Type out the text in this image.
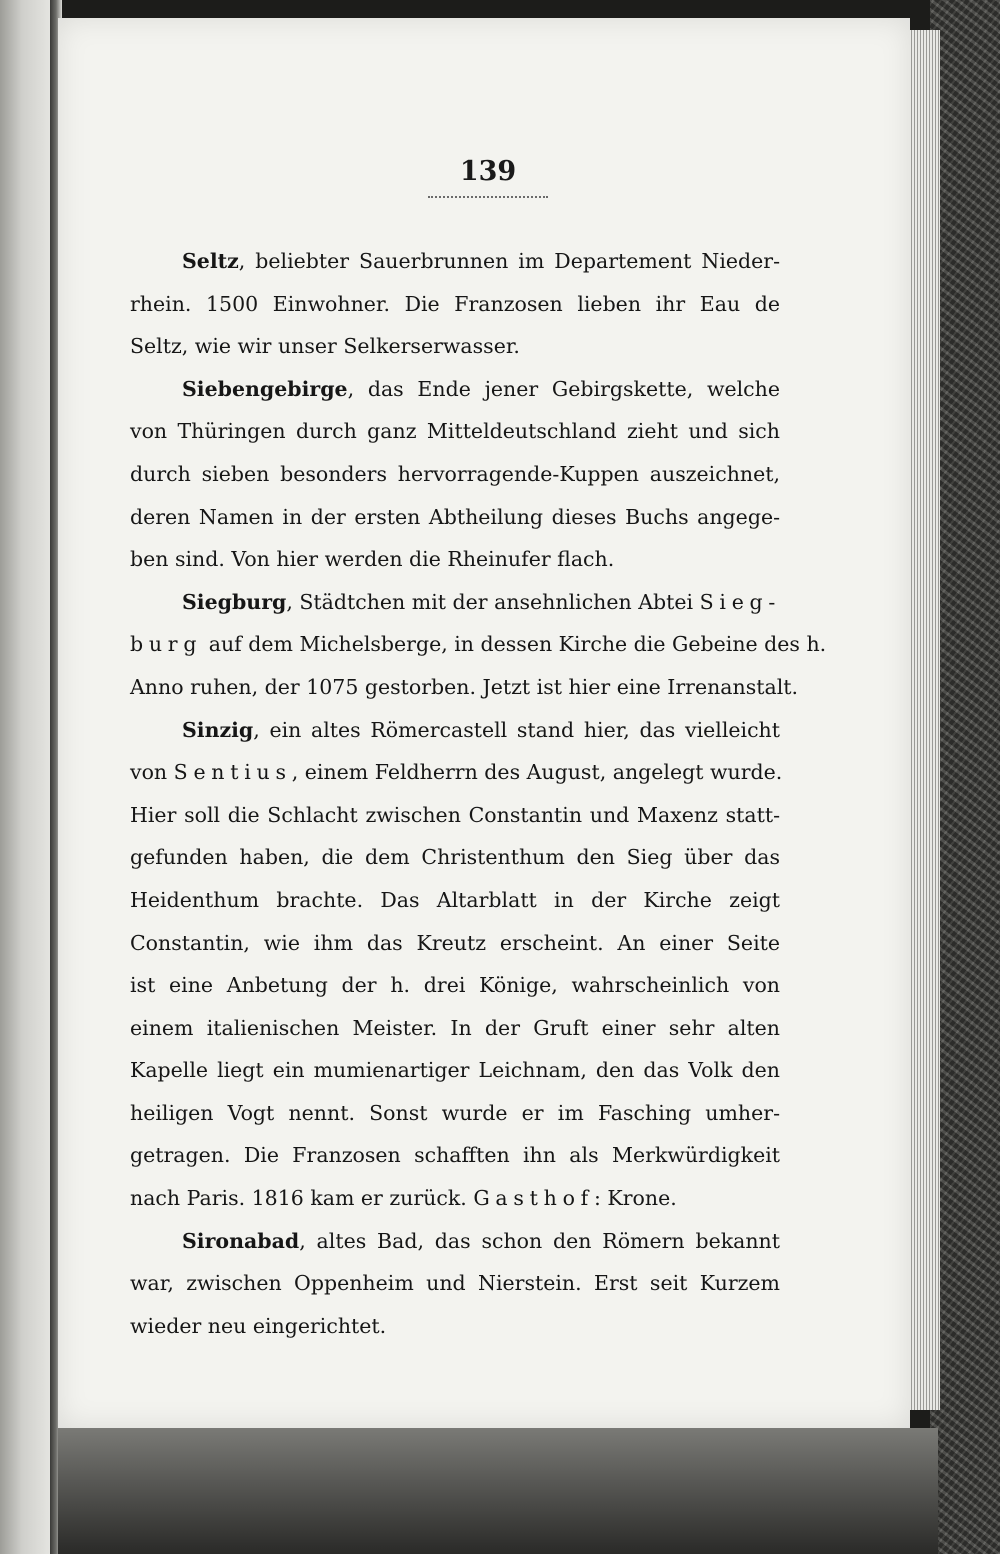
139
Seltz, beliebter Sauerbrunnen im Departement Nieder-
rhein. 1500 Einwohner. Die Franzosen lieben ihr Eau de
Seltz, wie wir unser Selkerserwasser.
Siebengebirge, das Ende jener Gebirgskette, welche
von Thüringen durch ganz Mitteldeutschland zieht und sich
durch sieben besonders hervorragende-Kuppen auszeichnet,
deren Namen in der ersten Abtheilung dieses Buchs angege-
ben sind. Von hier werden die Rheinufer flach.
Siegburg, Städtchen mit der ansehnlichen Abtei Sieg-
burg auf dem Michelsberge, in dessen Kirche die Gebeine des h.
Anno ruhen, der 1075 gestorben. Jetzt ist hier eine Irrenanstalt.
Sinzig, ein altes Römercastell stand hier, das vielleicht
von Sentius, einem Feldherrn des August, angelegt wurde.
Hier soll die Schlacht zwischen Constantin und Maxenz statt-
gefunden haben, die dem Christenthum den Sieg über das
Heidenthum brachte. Das Altarblatt in der Kirche zeigt
Constantin, wie ihm das Kreutz erscheint. An einer Seite
ist eine Anbetung der h. drei Könige, wahrscheinlich von
einem italienischen Meister. In der Gruft einer sehr alten
Kapelle liegt ein mumienartiger Leichnam, den das Volk den
heiligen Vogt nennt. Sonst wurde er im Fasching umher-
getragen. Die Franzosen schafften ihn als Merkwürdigkeit
nach Paris. 1816 kam er zurück. Gasthof: Krone.
Sironabad, altes Bad, das schon den Römern bekannt
war, zwischen Oppenheim und Nierstein. Erst seit Kurzem
wieder neu eingerichtet.
